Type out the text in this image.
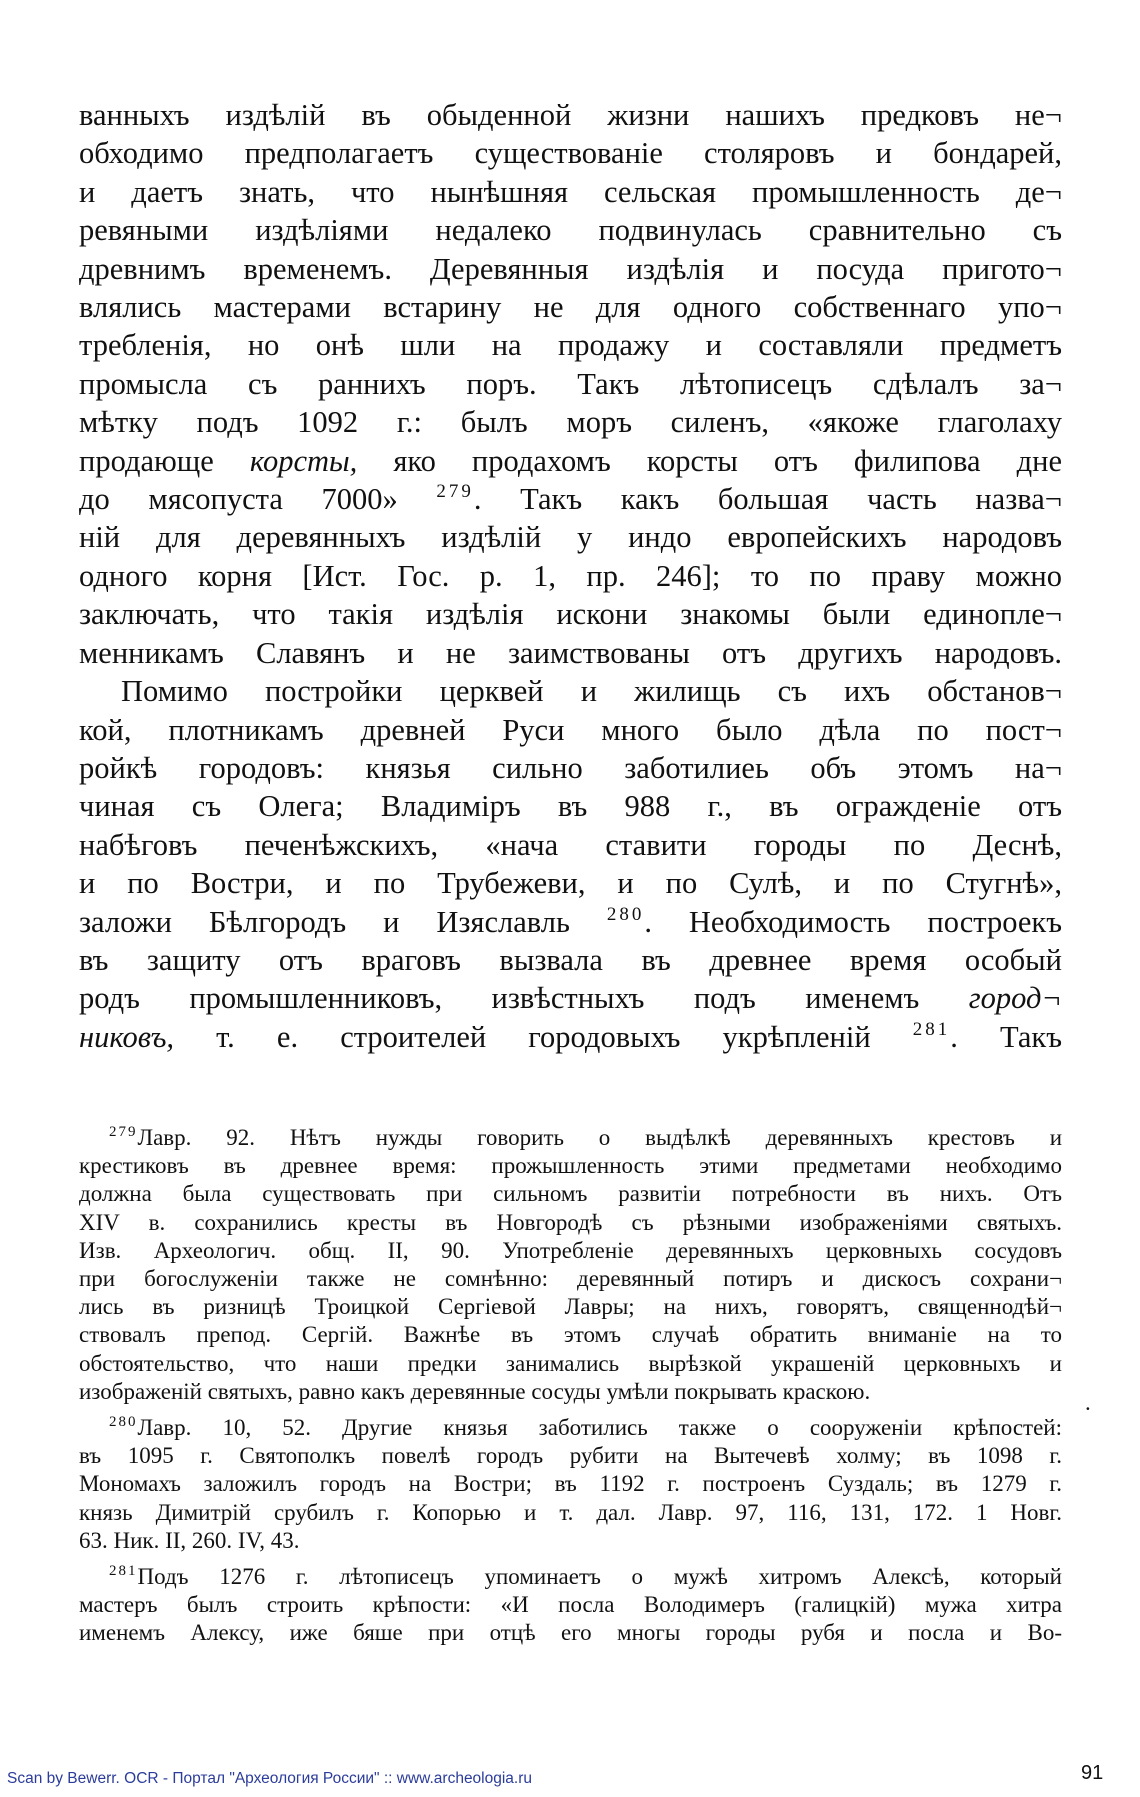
ванныхъ издѣлій въ обыденной жизни нашихъ предковъ не¬
обходимо предполагаетъ существованіе столяровъ и бондарей,
и даетъ знать, что нынѣшняя сельская промышленность де¬
ревяными издѣліями недалеко подвинулась сравнительно съ
древнимъ временемъ. Деревянныя издѣлія и посуда пригото¬
влялись мастерами встарину не для одного собственнаго упо¬
требленія, но онѣ шли на продажу и составляли предметъ
промысла съ раннихъ поръ. Такъ лѣтописецъ сдѣлалъ за¬
мѣтку подъ 1092 г.: былъ моръ силенъ, «якоже глаголаху
продающе корсты, яко продахомъ корсты отъ филипова дне
до мясопуста 7000» $^{279}$. Такъ какъ большая часть назва¬
ній для деревянныхъ издѣлій у индо европейскихъ народовъ
одного корня [Ист. Гос. р. 1, пр. 246]; то по праву можно
заключать, что такія издѣлія искони знакомы были единопле¬
менникамъ Славянъ и не заимствованы отъ другихъ народовъ.
Помимо постройки церквей и жилищь съ ихъ обстанов¬
кой, плотникамъ древней Руси много было дѣла по пост¬
ройкѣ городовъ: князья сильно заботилиеь объ этомъ на¬
чиная съ Олега; Владиміръ въ 988 г., въ огражденіе отъ
набѣговъ печенѣжскихъ, «нача ставити городы по Деснѣ,
и по Востри, и по Трубежеви, и по Сулѣ, и по Стугнѣ»,
заложи Бѣлгородъ и Изяславль $^{280}$. Необходимость построекъ
въ защиту отъ враговъ вызвала въ древнее время особый
родъ промышленниковъ, извѣстныхъ подъ именемъ город¬
никовъ, т. е. строителей городовыхъ укрѣпленій $^{281}$. Такъ
$^{279}$Лавр. 92. Нѣтъ нужды говорить о выдѣлкѣ деревянныхъ крестовъ и
крестиковъ въ древнее время: прожышленность этими предметами необходимо
должна была существовать при сильномъ развитіи потребности въ нихъ. Отъ
XIV в. сохранились кресты въ Новгородѣ съ рѣзными изображеніями святыхъ.
Изв. Археологич. общ. II, 90. Употребленіе деревянныхъ церковныхь сосудовъ
при богослуженіи также не сомнѣнно: деревянный потиръ и дискосъ сохрани¬
лись въ ризницѣ Троицкой Сергіевой Лавры; на нихъ, говорятъ, священнодѣй¬
ствовалъ препод. Сергій. Важнѣе въ этомъ случаѣ обратить вниманіе на то
обстоятельство, что наши предки занимались вырѣзкой украшеній церковныхъ и
изображеній святыхъ, равно какъ деревянные сосуды умѣли покрывать краскою.
$^{280}$Лавр. 10, 52. Другие князья заботились также о сооруженіи крѣпостей:
въ 1095 г. Святополкъ повелѣ городъ рубити на Вытечевѣ холму; въ 1098 г.
Мономахъ заложилъ городъ на Востри; въ 1192 г. построенъ Суздаль; въ 1279 г.
князь Димитрій срубилъ г. Копорью и т. дал. Лавр. 97, 116, 131, 172. 1 Новг.
63. Ник. II, 260. IV, 43.
$^{281}$Подъ 1276 г. лѣтописецъ упоминаетъ о мужѣ хитромъ Алексѣ, который
мастеръ былъ строить крѣпости: «И посла Володимеръ (галицкій) мужа хитра
именемъ Алексу, иже бяше при отцѣ его многы городы рубя и посла и Во-
.
Scan by Bewerr. OCR - Портал "Археология России" :: www.archeologia.ru	91
